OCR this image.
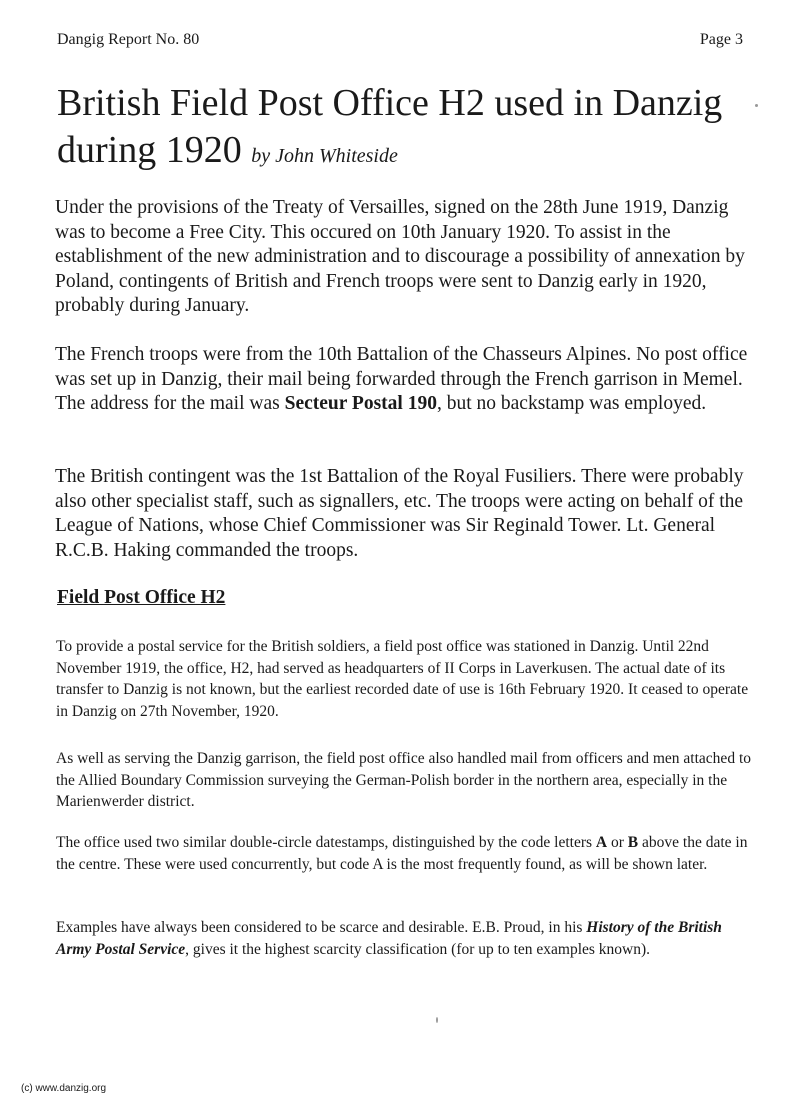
Dangig Report No. 80	Page 3
British Field Post Office H2 used in Danzig during 1920 by John Whiteside

Under the provisions of the Treaty of Versailles, signed on the 28th June 1919, Danzig was to become a Free City. This occured on 10th January 1920. To assist in the establishment of the new administration and to discourage a possibility of annexation by Poland, contingents of British and French troops were sent to Danzig early in 1920, probably during January.

The French troops were from the 10th Battalion of the Chasseurs Alpines. No post office was set up in Danzig, their mail being forwarded through the French garrison in Memel. The address for the mail was Secteur Postal 190, but no backstamp was employed.

The British contingent was the 1st Battalion of the Royal Fusiliers. There were probably also other specialist staff, such as signallers, etc. The troops were acting on behalf of the League of Nations, whose Chief Commissioner was Sir Reginald Tower. Lt. General R.C.B. Haking commanded the troops.

Field Post Office H2

To provide a postal service for the British soldiers, a field post office was stationed in Danzig. Until 22nd November 1919, the office, H2, had served as headquarters of II Corps in Laverkusen. The actual date of its transfer to Danzig is not known, but the earliest recorded date of use is 16th February 1920. It ceased to operate in Danzig on 27th November, 1920.

As well as serving the Danzig garrison, the field post office also handled mail from officers and men attached to the Allied Boundary Commission surveying the German-Polish border in the northern area, especially in the Marienwerder district.

The office used two similar double-circle datestamps, distinguished by the code letters A or B above the date in the centre. These were used concurrently, but code A is the most frequently found, as will be shown later.

Examples have always been considered to be scarce and desirable. E.B. Proud, in his History of the British Army Postal Service, gives it the highest scarcity classification (for up to ten examples known).

(c) www.danzig.org
